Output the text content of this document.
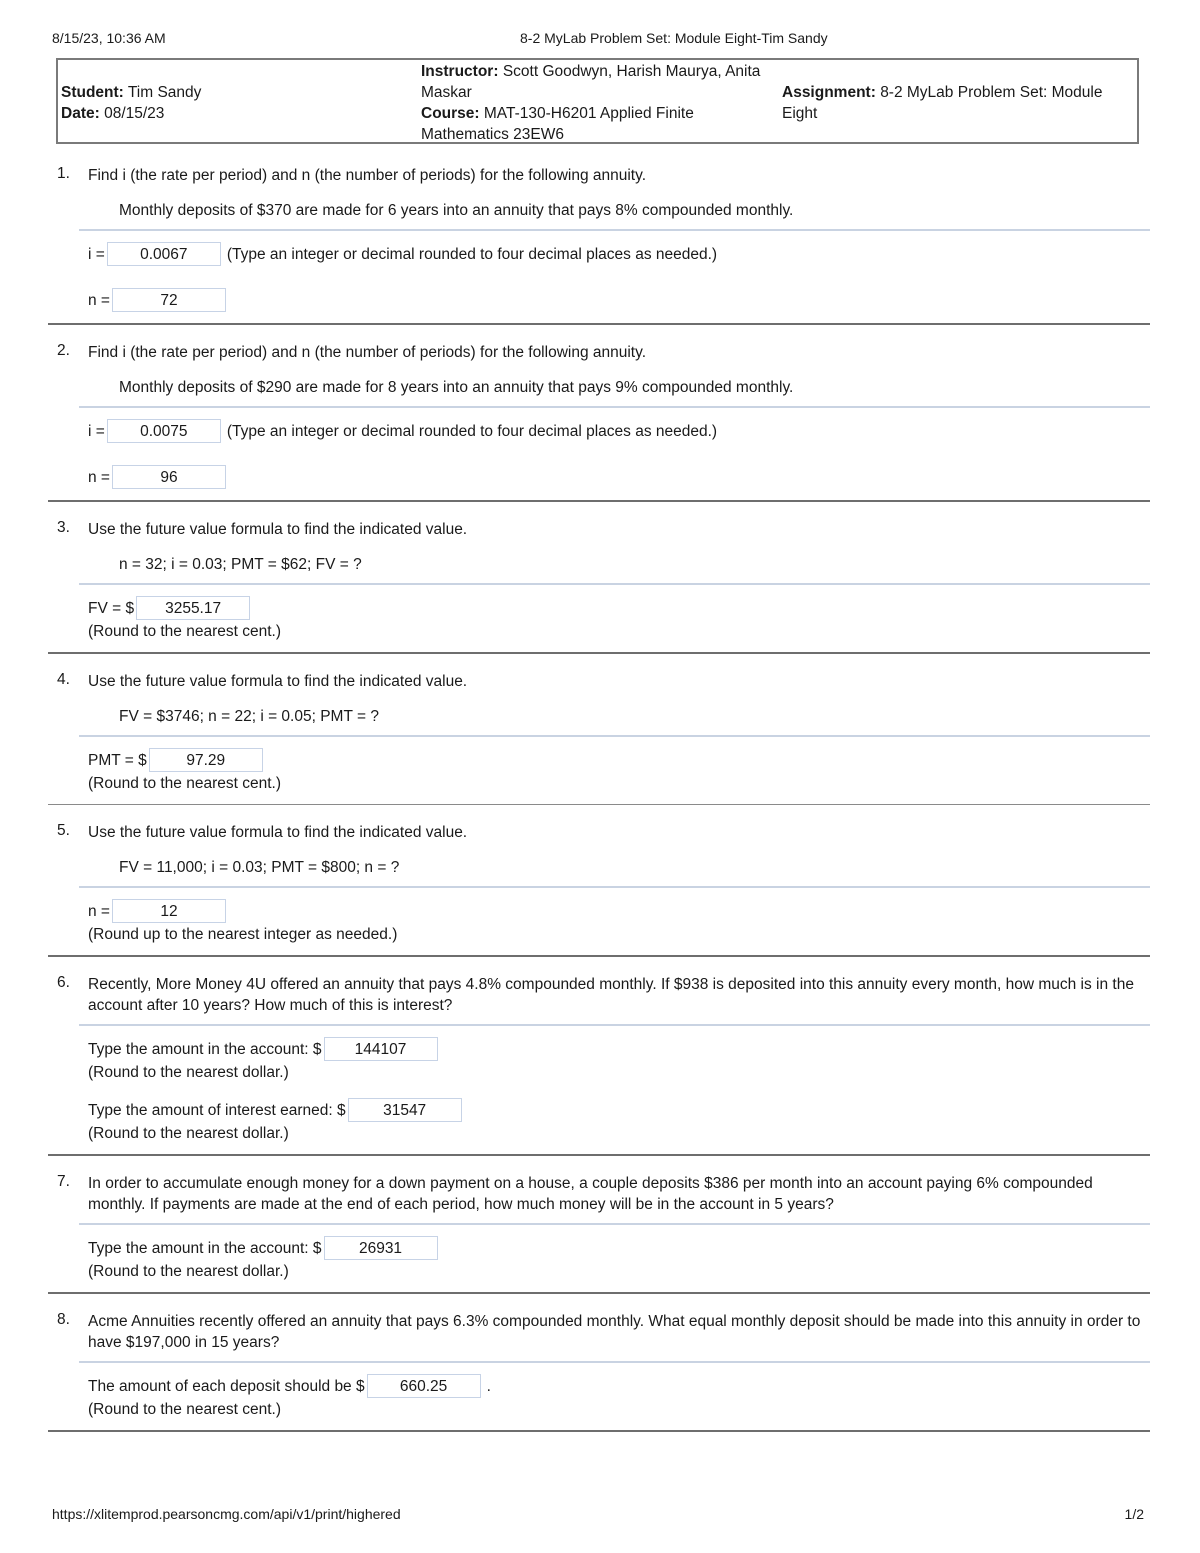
8/15/23, 10:36 AM	8-2 MyLab Problem Set: Module Eight-Tim Sandy
Student: Tim Sandy
Date: 08/15/23
Instructor: Scott Goodwyn, Harish Maurya, Anita Maskar
Course: MAT-130-H6201 Applied Finite Mathematics 23EW6
Assignment: 8-2 MyLab Problem Set: Module Eight
1. Find i (the rate per period) and n (the number of periods) for the following annuity.
Monthly deposits of $370 are made for 6 years into an annuity that pays 8% compounded monthly.
i =	0.0067	(Type an integer or decimal rounded to four decimal places as needed.)
n =	72
2. Find i (the rate per period) and n (the number of periods) for the following annuity.
Monthly deposits of $290 are made for 8 years into an annuity that pays 9% compounded monthly.
i =	0.0075	(Type an integer or decimal rounded to four decimal places as needed.)
n =	96
3. Use the future value formula to find the indicated value.
n = 32; i = 0.03; PMT = $62; FV = ?
FV = $	3255.17
(Round to the nearest cent.)
4. Use the future value formula to find the indicated value.
FV = $3746; n = 22; i = 0.05; PMT = ?
PMT = $	97.29
(Round to the nearest cent.)
5. Use the future value formula to find the indicated value.
FV = 11,000; i = 0.03; PMT = $800; n = ?
n =	12
(Round up to the nearest integer as needed.)
6. Recently, More Money 4U offered an annuity that pays 4.8% compounded monthly. If $938 is deposited into this annuity every month, how much is in the account after 10 years? How much of this is interest?
Type the amount in the account: $	144107
(Round to the nearest dollar.)
Type the amount of interest earned: $	31547
(Round to the nearest dollar.)
7. In order to accumulate enough money for a down payment on a house, a couple deposits $386 per month into an account paying 6% compounded monthly. If payments are made at the end of each period, how much money will be in the account in 5 years?
Type the amount in the account: $	26931
(Round to the nearest dollar.)
8. Acme Annuities recently offered an annuity that pays 6.3% compounded monthly. What equal monthly deposit should be made into this annuity in order to have $197,000 in 15 years?
The amount of each deposit should be $	660.25	.
(Round to the nearest cent.)
https://xlitemprod.pearsoncmg.com/api/v1/print/highered	1/2
